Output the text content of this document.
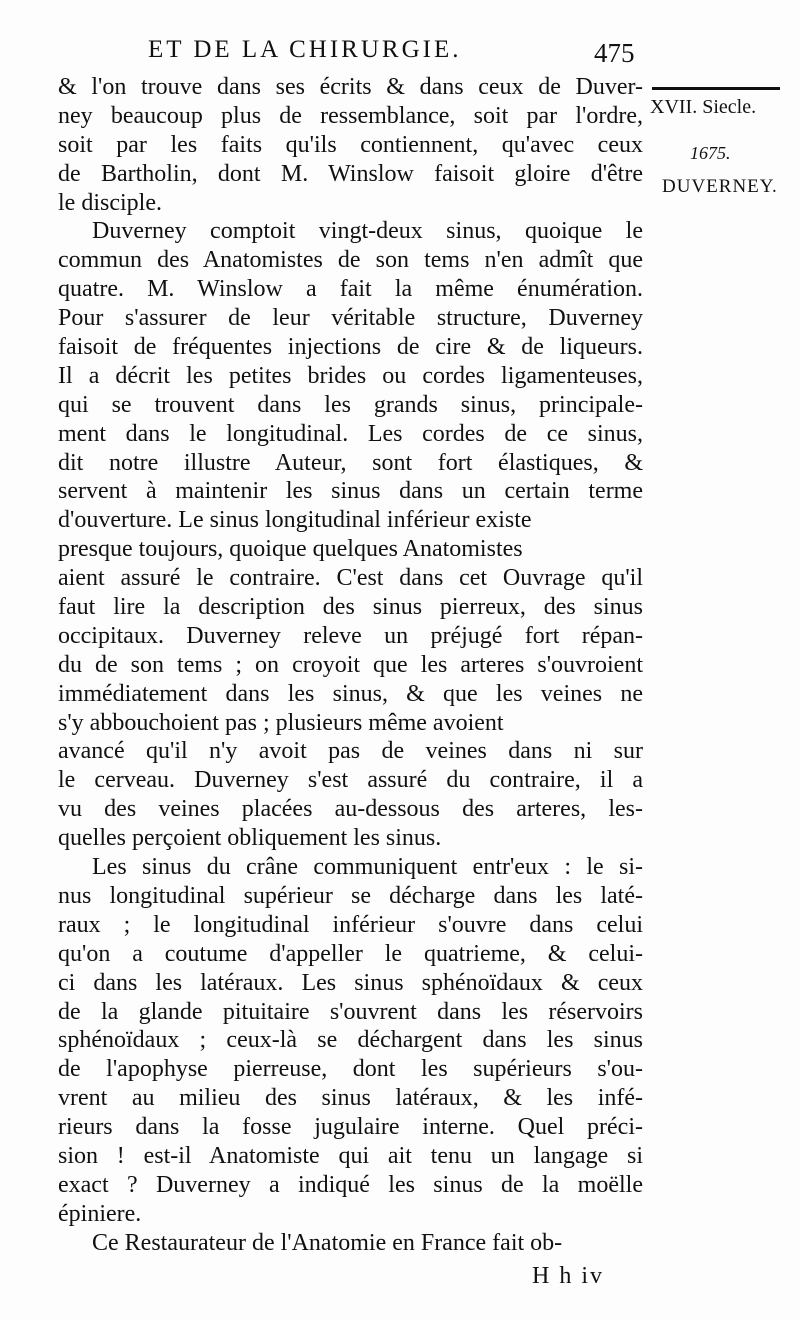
ET DE LA CHIRURGIE.	475
XVII. Siecle.
1675.
DUVERNEY.
& l'on trouve dans ses écrits & dans ceux de Duver-
ney beaucoup plus de ressemblance, soit par l'ordre,
soit par les faits qu'ils contiennent, qu'avec ceux
de Bartholin, dont M. Winslow faisoit gloire d'être
le disciple.
Duverney comptoit vingt-deux sinus, quoique le
commun des Anatomistes de son tems n'en admît que
quatre. M. Winslow a fait la même énumération.
Pour s'assurer de leur véritable structure, Duverney
faisoit de fréquentes injections de cire & de liqueurs.
Il a décrit les petites brides ou cordes ligamenteuses,
qui se trouvent dans les grands sinus, principale-
ment dans le longitudinal. Les cordes de ce sinus,
dit notre illustre Auteur, sont fort élastiques, &
servent à maintenir les sinus dans un certain terme
d'ouverture. Le sinus longitudinal inférieur existe
presque toujours, quoique quelques Anatomistes
aient assuré le contraire. C'est dans cet Ouvrage qu'il
faut lire la description des sinus pierreux, des sinus
occipitaux. Duverney releve un préjugé fort répan-
du de son tems ; on croyoit que les arteres s'ouvroient
immédiatement dans les sinus, & que les veines ne
s'y abbouchoient pas ; plusieurs même avoient
avancé qu'il n'y avoit pas de veines dans ni sur
le cerveau. Duverney s'est assuré du contraire, il a
vu des veines placées au-dessous des arteres, les-
quelles perçoient obliquement les sinus.
Les sinus du crâne communiquent entr'eux : le si-
nus longitudinal supérieur se décharge dans les laté-
raux ; le longitudinal inférieur s'ouvre dans celui
qu'on a coutume d'appeller le quatrieme, & celui-
ci dans les latéraux. Les sinus sphénoïdaux & ceux
de la glande pituitaire s'ouvrent dans les réservoirs
sphénoïdaux ; ceux-là se déchargent dans les sinus
de l'apophyse pierreuse, dont les supérieurs s'ou-
vrent au milieu des sinus latéraux, & les infé-
rieurs dans la fosse jugulaire interne. Quel préci-
sion ! est-il Anatomiste qui ait tenu un langage si
exact ? Duverney a indiqué les sinus de la moëlle
épiniere.
Ce Restaurateur de l'Anatomie en France fait ob-
H h iv
